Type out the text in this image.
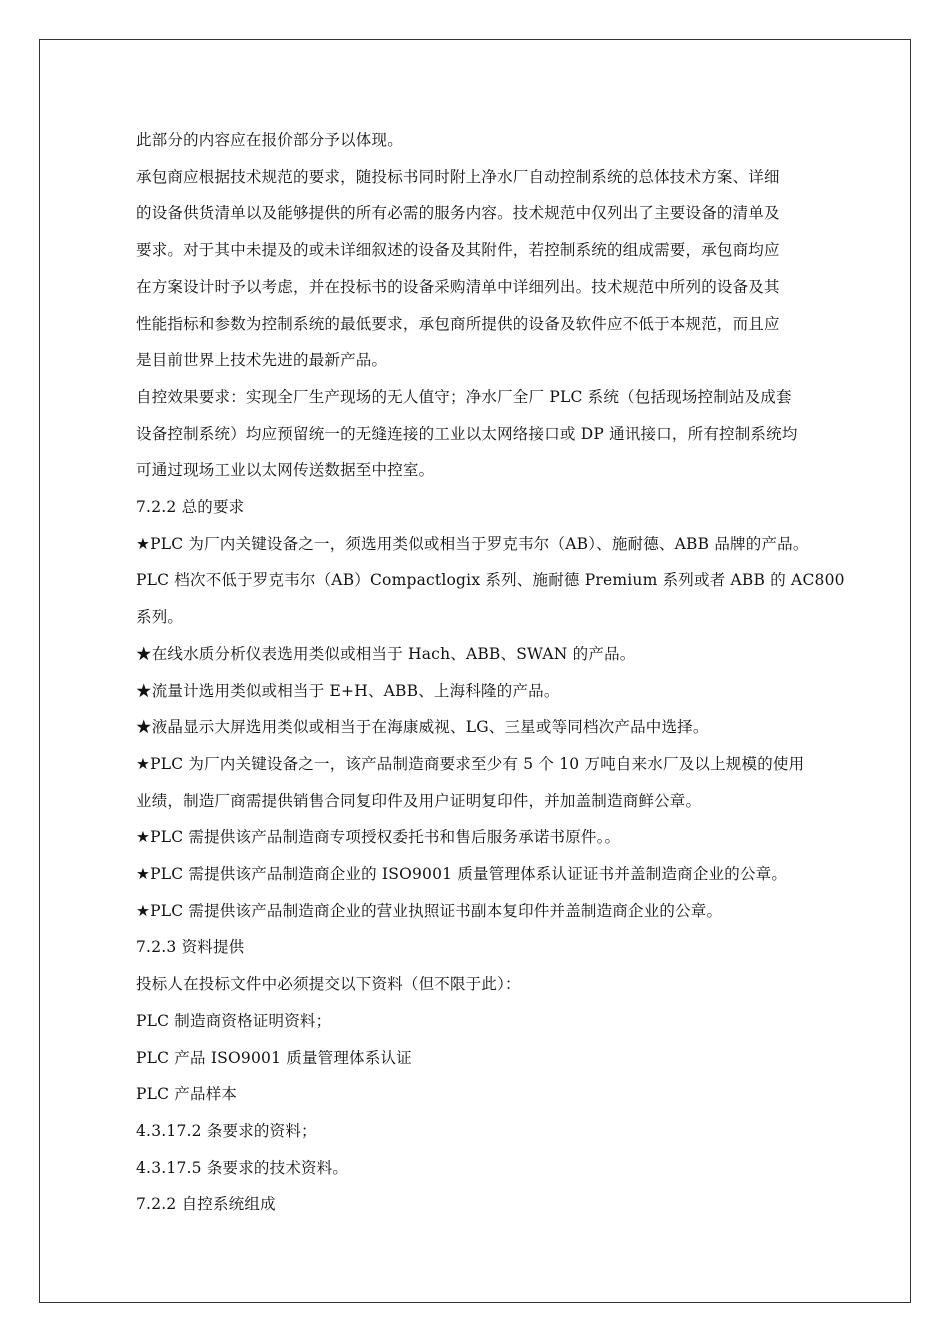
此部分的内容应在报价部分予以体现。
承包商应根据技术规范的要求，随投标书同时附上净水厂自动控制系统的总体技术方案、详细
的设备供货清单以及能够提供的所有必需的服务内容。技术规范中仅列出了主要设备的清单及
要求。对于其中未提及的或未详细叙述的设备及其附件，若控制系统的组成需要，承包商均应
在方案设计时予以考虑，并在投标书的设备采购清单中详细列出。技术规范中所列的设备及其
性能指标和参数为控制系统的最低要求，承包商所提供的设备及软件应不低于本规范，而且应
是目前世界上技术先进的最新产品。
自控效果要求：实现全厂生产现场的无人值守；净水厂全厂 PLC 系统（包括现场控制站及成套
设备控制系统）均应预留统一的无缝连接的工业以太网络接口或 DP 通讯接口，所有控制系统均
可通过现场工业以太网传送数据至中控室。
7.2.2 总的要求
★PLC 为厂内关键设备之一，须选用类似或相当于罗克韦尔（AB）、施耐德、ABB 品牌的产品。
PLC 档次不低于罗克韦尔（AB）Compactlogix 系列、施耐德 Premium 系列或者 ABB 的 AC800
系列。
★在线水质分析仪表选用类似或相当于 Hach、ABB、SWAN 的产品。
★流量计选用类似或相当于 E+H、ABB、上海科隆的产品。
★液晶显示大屏选用类似或相当于在海康威视、LG、三星或等同档次产品中选择。
★PLC 为厂内关键设备之一，该产品制造商要求至少有 5 个 10 万吨自来水厂及以上规模的使用
业绩，制造厂商需提供销售合同复印件及用户证明复印件，并加盖制造商鲜公章。
★PLC 需提供该产品制造商专项授权委托书和售后服务承诺书原件。。
★PLC 需提供该产品制造商企业的 ISO9001 质量管理体系认证证书并盖制造商企业的公章。
★PLC 需提供该产品制造商企业的营业执照证书副本复印件并盖制造商企业的公章。
7.2.3 资料提供
投标人在投标文件中必须提交以下资料（但不限于此）：
PLC 制造商资格证明资料；
PLC 产品 ISO9001 质量管理体系认证
PLC 产品样本
4.3.17.2 条要求的资料；
4.3.17.5 条要求的技术资料。
7.2.2 自控系统组成
